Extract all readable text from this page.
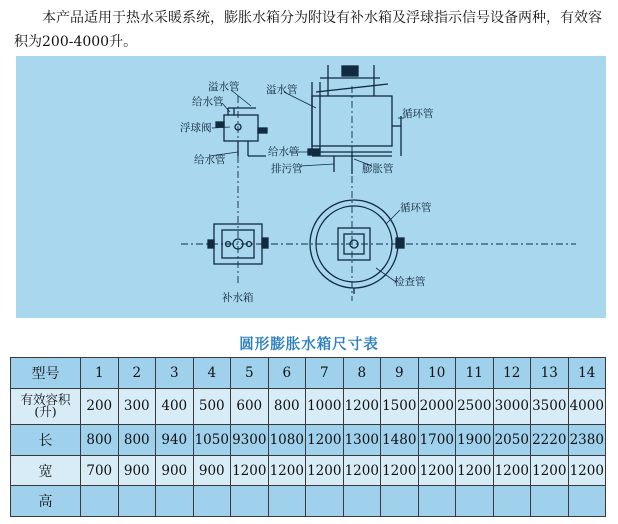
本产品适用于热水采暖系统，膨胀水箱分为附设有补水箱及浮球指示信号设备两种，有效容积为200-4000升。

溢水管
给水管
浮球阀
给水管
溢水管
循环管
给水管
排污管	膨胀管
循环管
检查管
补水箱
圆形膨胀水箱尺寸表
型号	1	2	3	4	5	6	7	8	9	10	11	12	13	14
有效容积(升)	200	300	400	500	600	800	1000	1200	1500	2000	2500	3000	3500	4000
长	800	800	940	1050	9300	1080	1200	1300	1480	1700	1900	2050	2220	2380
宽	700	900	900	900	1200	1200	1200	1200	1200	1200	1200	1200	1200	1200
高														
